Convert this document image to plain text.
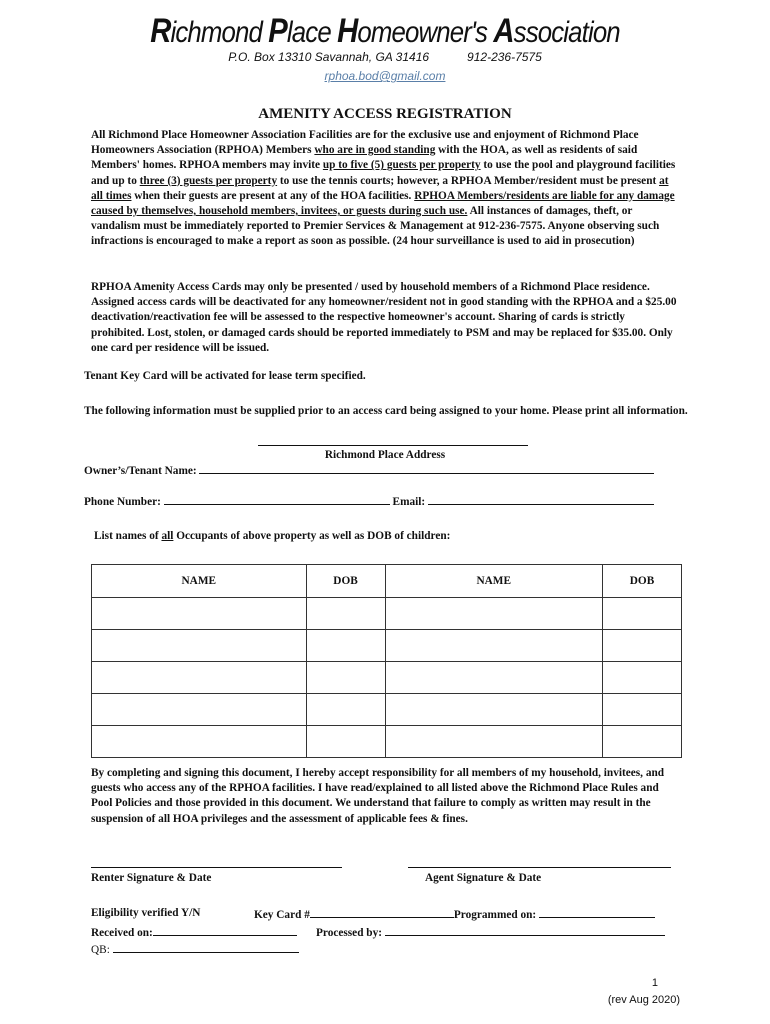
Richmond Place Homeowner's Association
P.O. Box 13310 Savannah, GA 31416	912-236-7575
rphoa.bod@gmail.com
AMENITY ACCESS REGISTRATION
All Richmond Place Homeowner Association Facilities are for the exclusive use and enjoyment of Richmond Place Homeowners Association (RPHOA) Members who are in good standing with the HOA, as well as residents of said Members' homes. RPHOA members may invite up to five (5) guests per property to use the pool and playground facilities and up to three (3) guests per property to use the tennis courts; however, a RPHOA Member/resident must be present at all times when their guests are present at any of the HOA facilities. RPHOA Members/residents are liable for any damage caused by themselves, household members, invitees, or guests during such use. All instances of damages, theft, or vandalism must be immediately reported to Premier Services & Management at 912-236-7575. Anyone observing such infractions is encouraged to make a report as soon as possible. (24 hour surveillance is used to aid in prosecution)
RPHOA Amenity Access Cards may only be presented / used by household members of a Richmond Place residence. Assigned access cards will be deactivated for any homeowner/resident not in good standing with the RPHOA and a $25.00 deactivation/reactivation fee will be assessed to the respective homeowner's account. Sharing of cards is strictly prohibited. Lost, stolen, or damaged cards should be reported immediately to PSM and may be replaced for $35.00. Only one card per residence will be issued.
Tenant Key Card will be activated for lease term specified.
The following information must be supplied prior to an access card being assigned to your home. Please print all information.
Richmond Place Address
Owner’s/Tenant Name:
Phone Number:	Email:
List names of all Occupants of above property as well as DOB of children:
NAME	DOB	NAME	DOB

By completing and signing this document, I hereby accept responsibility for all members of my household, invitees, and guests who access any of the RPHOA facilities. I have read/explained to all listed above the Richmond Place Rules and Pool Policies and those provided in this document. We understand that failure to comply as written may result in the suspension of all HOA privileges and the assessment of applicable fees & fines.
Renter Signature & Date	Agent Signature & Date
Eligibility verified Y/N	Key Card #	Programmed on:
Received on:	Processed by:
QB:
1
(rev Aug 2020)
